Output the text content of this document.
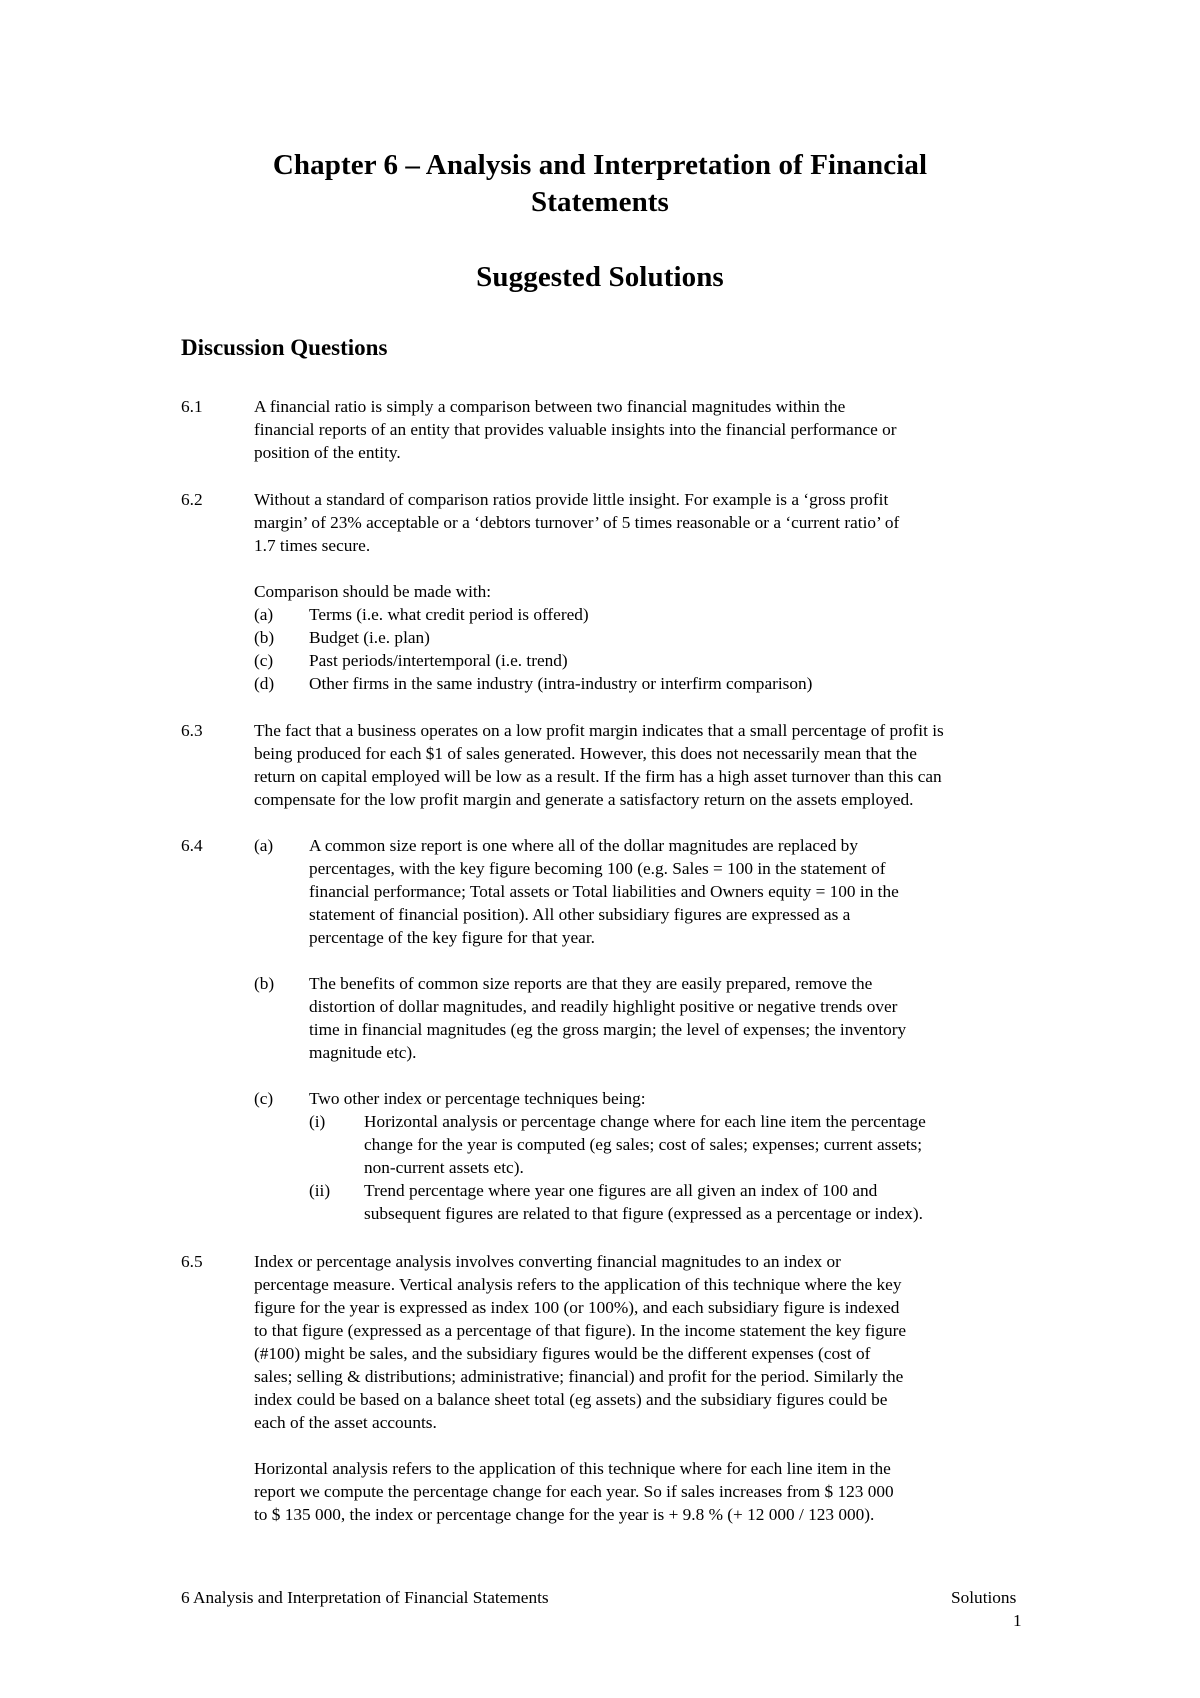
Chapter 6 – Analysis and Interpretation of Financial
Statements
Suggested Solutions
Discussion Questions
6.1	A financial ratio is simply a comparison between two financial magnitudes within the
financial reports of an entity that provides valuable insights into the financial performance or
position of the entity.
6.2	Without a standard of comparison ratios provide little insight. For example is a ‘gross profit
margin’ of 23% acceptable or a ‘debtors turnover’ of 5 times reasonable or a ‘current ratio’ of
1.7 times secure.
Comparison should be made with:
(a) Terms (i.e. what credit period is offered)
(b) Budget (i.e. plan)
(c) Past periods/intertemporal (i.e. trend)
(d) Other firms in the same industry (intra-industry or interfirm comparison)
6.3	The fact that a business operates on a low profit margin indicates that a small percentage of profit is
being produced for each $1 of sales generated. However, this does not necessarily mean that the
return on capital employed will be low as a result. If the firm has a high asset turnover than this can
compensate for the low profit margin and generate a satisfactory return on the assets employed.
6.4	(a) A common size report is one where all of the dollar magnitudes are replaced by
percentages, with the key figure becoming 100 (e.g. Sales = 100 in the statement of
financial performance; Total assets or Total liabilities and Owners equity = 100 in the
statement of financial position). All other subsidiary figures are expressed as a
percentage of the key figure for that year.
(b) The benefits of common size reports are that they are easily prepared, remove the
distortion of dollar magnitudes, and readily highlight positive or negative trends over
time in financial magnitudes (eg the gross margin; the level of expenses; the inventory
magnitude etc).
(c) Two other index or percentage techniques being:
(i) Horizontal analysis or percentage change where for each line item the percentage
change for the year is computed (eg sales; cost of sales; expenses; current assets;
non-current assets etc).
(ii) Trend percentage where year one figures are all given an index of 100 and
subsequent figures are related to that figure (expressed as a percentage or index).
6.5	Index or percentage analysis involves converting financial magnitudes to an index or
percentage measure. Vertical analysis refers to the application of this technique where the key
figure for the year is expressed as index 100 (or 100%), and each subsidiary figure is indexed
to that figure (expressed as a percentage of that figure). In the income statement the key figure
(#100) might be sales, and the subsidiary figures would be the different expenses (cost of
sales; selling & distributions; administrative; financial) and profit for the period. Similarly the
index could be based on a balance sheet total (eg assets) and the subsidiary figures could be
each of the asset accounts.
Horizontal analysis refers to the application of this technique where for each line item in the
report we compute the percentage change for each year. So if sales increases from $ 123 000
to $ 135 000, the index or percentage change for the year is + 9.8 % (+ 12 000 / 123 000).
6 Analysis and Interpretation of Financial Statements	Solutions
1
